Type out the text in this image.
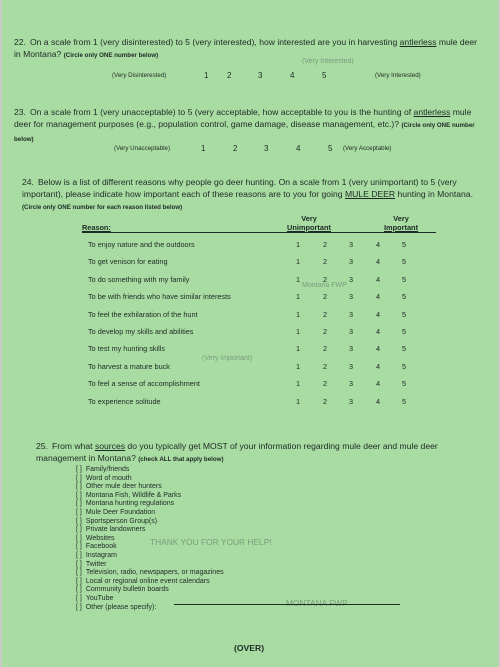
(Very Interested)
Montana FWP
(Very Important)
THANK YOU FOR YOUR HELP!
MONTANA FWP
22. On a scale from 1 (very disinterested) to 5 (very interested), how interested are you in harvesting antlerless mule deer in Montana? (Circle only ONE number below)
(Very Disinterested)	1 2	3	4	5	(Very Interested)
23. On a scale from 1 (very unacceptable) to 5 (very acceptable, how acceptable to you is the hunting of antlerless mule deer for management purposes (e.g., population control, game damage, disease management, etc.)? (Circle only ONE number below)
(Very Unacceptable)	1	2	3	4	5 (Very Acceptable)
24. Below is a list of different reasons why people go deer hunting. On a scale from 1 (very unimportant) to 5 (very important), please indicate how important each of these reasons are to you for going MULE DEER hunting in Montana. (Circle only ONE number for each reason listed below)
Very
Unimportant
Very
Important
Reason:
To enjoy nature and the outdoors	1	2	3	4	5
To get venison for eating	1	2	3	4	5
To do something with my family	1	2	3	4	5
To be with friends who have similar interests	1	2	3	4	5
To feel the exhilaration of the hunt	1	2	3	4	5
To develop my skills and abilities	1	2	3	4	5
To test my hunting skills	1	2	3	4	5
To harvest a mature buck	1	2	3	4	5
To feel a sense of accomplishment	1	2	3	4	5
To experience solitude	1	2	3	4	5
25. From what sources do you typically get MOST of your information regarding mule deer and mule deer management in Montana? (check ALL that apply below)
[ ] Family/friends
[ ] Word of mouth
[ ] Other mule deer hunters
[ ] Montana Fish, Wildlife & Parks
[ ] Montana hunting regulations
[ ] Mule Deer Foundation
[ ] Sportsperson Group(s)
[ ] Private landowners
[ ] Websites
[ ] Facebook
[ ] Instagram
[ ] Twitter
[ ] Television, radio, newspapers, or magazines
[ ] Local or regional online event calendars
[ ] Community bulletin boards
[ ] YouTube
[ ] Other (please specify):
(OVER)
